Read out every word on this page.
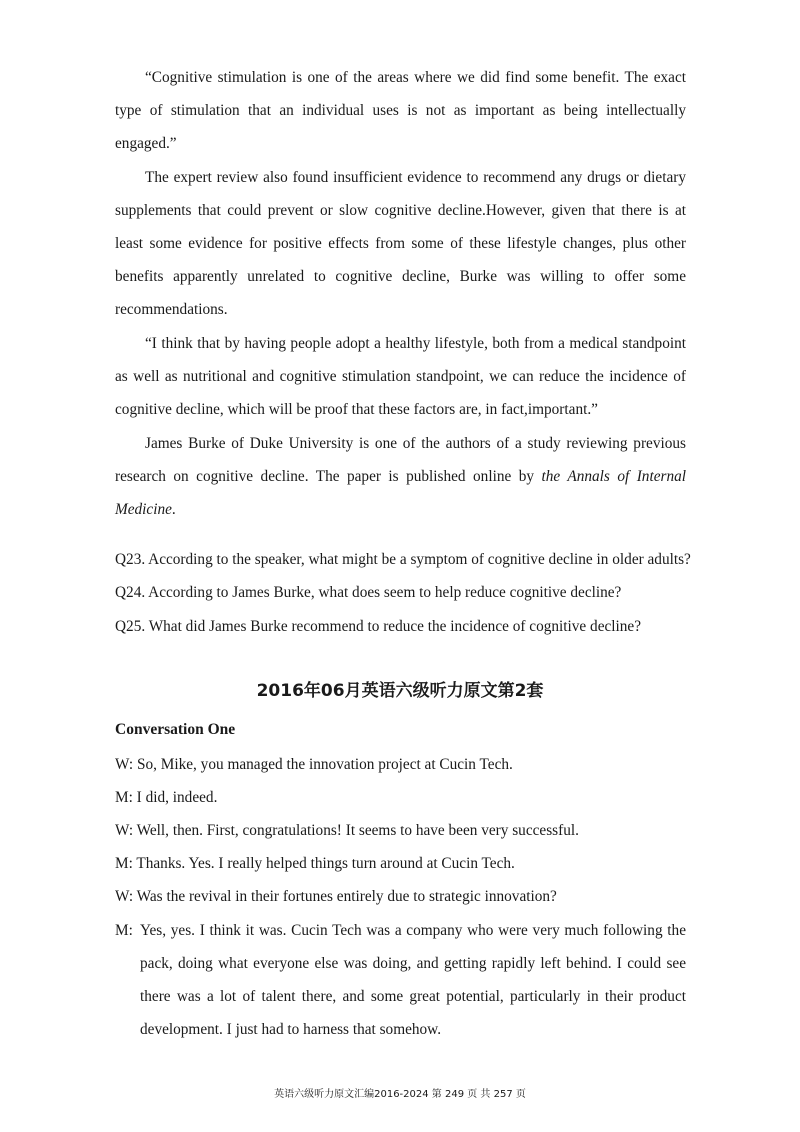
“Cognitive stimulation is one of the areas where we did find some benefit. The exact type of stimulation that an individual uses is not as important as being intellectually engaged.”

The expert review also found insufficient evidence to recommend any drugs or dietary supplements that could prevent or slow cognitive decline.However, given that there is at least some evidence for positive effects from some of these lifestyle changes, plus other benefits apparently unrelated to cognitive decline, Burke was willing to offer some recommendations.

“I think that by having people adopt a healthy lifestyle, both from a medical standpoint as well as nutritional and cognitive stimulation standpoint, we can reduce the incidence of cognitive decline, which will be proof that these factors are, in fact,important.”

James Burke of Duke University is one of the authors of a study reviewing previous research on cognitive decline. The paper is published online by the Annals of Internal Medicine.

Q23. According to the speaker, what might be a symptom of cognitive decline in older adults?

Q24. According to James Burke, what does seem to help reduce cognitive decline?

Q25. What did James Burke recommend to reduce the incidence of cognitive decline?

2016年06月英语六级听力原文第2套
Conversation One

W: So, Mike, you managed the innovation project at Cucin Tech.

M: I did, indeed.

W: Well, then. First, congratulations! It seems to have been very successful.

M: Thanks. Yes. I really helped things turn around at Cucin Tech.

W: Was the revival in their fortunes entirely due to strategic innovation?

M: Yes, yes. I think it was. Cucin Tech was a company who were very much following the pack, doing what everyone else was doing, and getting rapidly left behind. I could see there was a lot of talent there, and some great potential, particularly in their product development. I just had to harness that somehow.

英语六级听力原文汇编2016-2024 第 249 页 共 257 页
